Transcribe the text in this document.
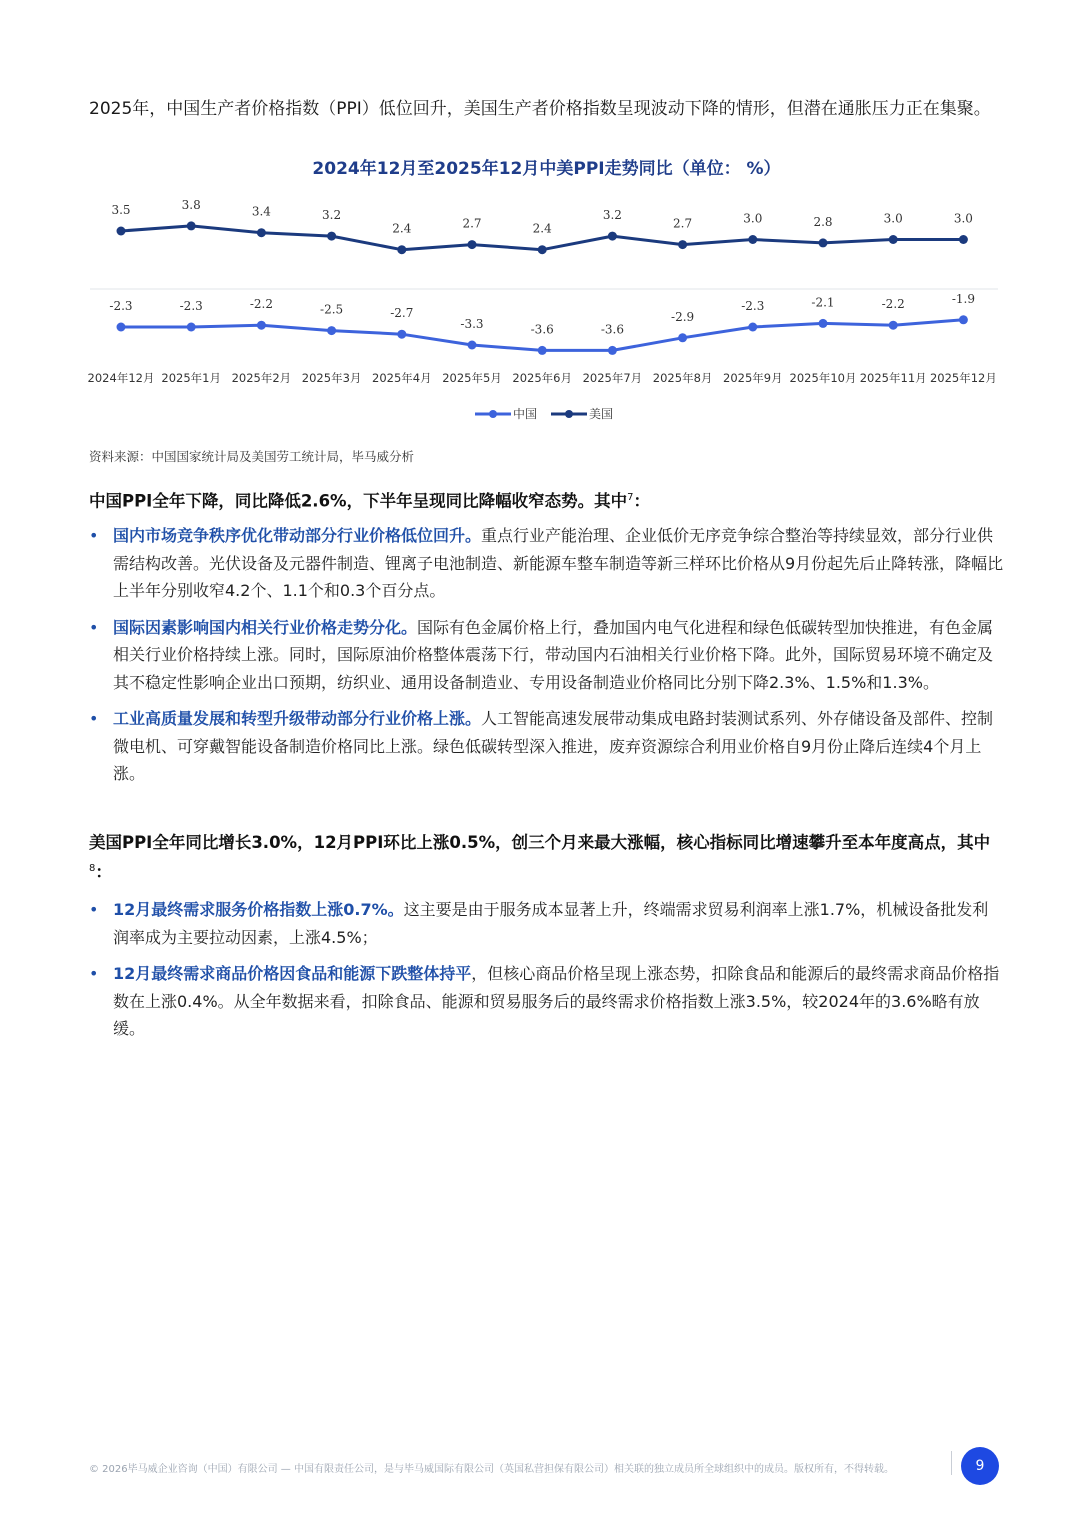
2025年，中国生产者价格指数（PPI）低位回升，美国生产者价格指数呈现波动下降的情形，但潜在通胀压力正在集聚。
2024年12月至2025年12月中美PPI走势同比（单位： %）
3.5	3.8	3.4	3.2
2.4	2.7	2.4
3.2
2.7	3.0	2.8	3.0	3.0
-2.3	-2.3	-2.2	-2.5	-2.7
-3.3	-3.6	-3.6
-2.9
-2.3	-2.1	-2.2	-1.9
2024年12月 2025年1月 2025年2月 2025年3月 2025年4月 2025年5月 2025年6月 2025年7月 2025年8月 2025年9月 2025年10月 2025年11月 2025年12月
中国	美国
资料来源：中国国家统计局及美国劳工统计局，毕马威分析
中国PPI全年下降，同比降低2.6%，下半年呈现同比降幅收窄态势。其中$^7$：
• 国内市场竞争秩序优化带动部分行业价格低位回升。重点行业产能治理、企业低价无序竞争综合整治等持续显效，部分行业供需结构改善。光伏设备及元器件制造、锂离子电池制造、新能源车整车制造等新三样环比价格从9月份起先后止降转涨，降幅比上半年分别收窄4.2个、1.1个和0.3个百分点。
• 国际因素影响国内相关行业价格走势分化。国际有色金属价格上行，叠加国内电气化进程和绿色低碳转型加快推进，有色金属相关行业价格持续上涨。同时，国际原油价格整体震荡下行，带动国内石油相关行业价格下降。此外，国际贸易环境不确定及其不稳定性影响企业出口预期，纺织业、通用设备制造业、专用设备制造业价格同比分别下降2.3%、1.5%和1.3%。
• 工业高质量发展和转型升级带动部分行业价格上涨。人工智能高速发展带动集成电路封装测试系列、外存储设备及部件、控制微电机、可穿戴智能设备制造价格同比上涨。绿色低碳转型深入推进，废弃资源综合利用业价格自9月份止降后连续4个月上涨。
美国PPI全年同比增长3.0%，12月PPI环比上涨0.5%，创三个月来最大涨幅，核心指标同比增速攀升至本年度高点，其中$^8$：
• 12月最终需求服务价格指数上涨0.7%。这主要是由于服务成本显著上升，终端需求贸易利润率上涨1.7%，机械设备批发利润率成为主要拉动因素，上涨4.5%；
• 12月最终需求商品价格因食品和能源下跌整体持平，但核心商品价格呈现上涨态势，扣除食品和能源后的最终需求商品价格指数在上涨0.4%。从全年数据来看，扣除食品、能源和贸易服务后的最终需求价格指数上涨3.5%，较2024年的3.6%略有放缓。
© 2026毕马威企业咨询（中国）有限公司 — 中国有限责任公司，是与毕马威国际有限公司（英国私营担保有限公司）相关联的独立成员所全球组织中的成员。版权所有，不得转载。	9
